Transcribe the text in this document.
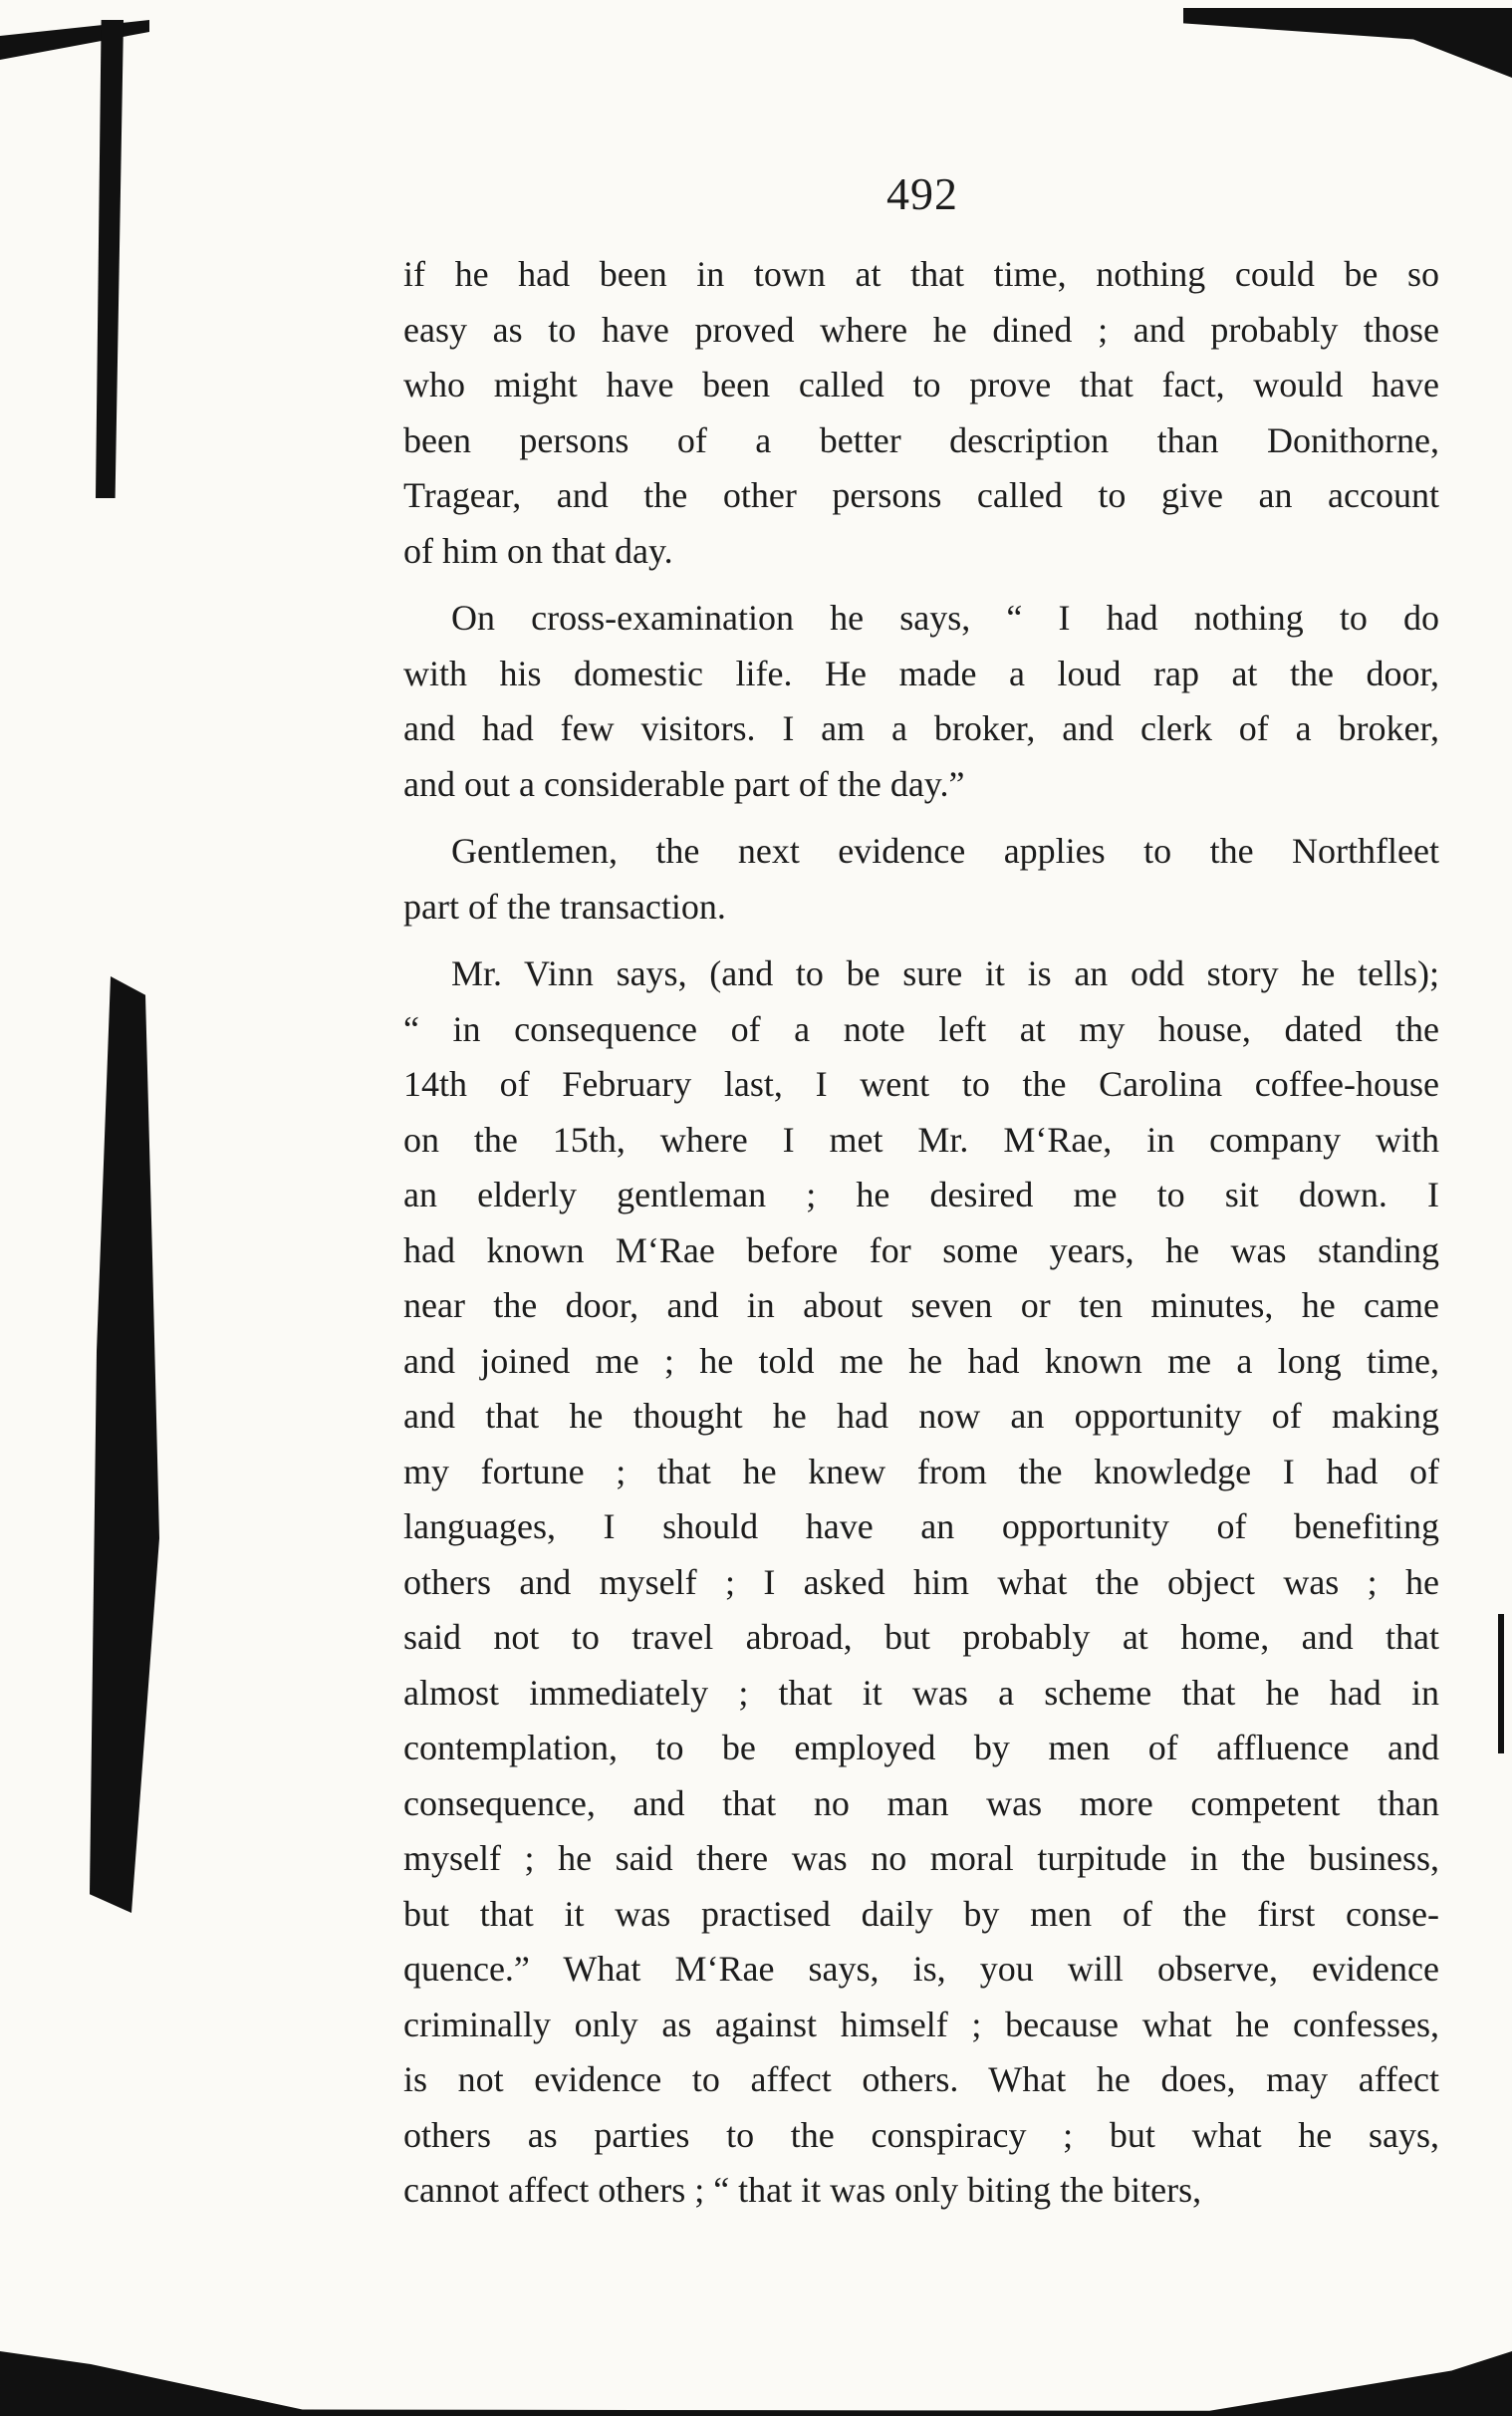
492
if he had been in town at that time, nothing could be so
easy as to have proved where he dined ; and probably those
who might have been called to prove that fact, would have
been persons of a better description than Donithorne,
Tragear, and the other persons called to give an account
of him on that day.
On cross-examination he says, “ I had nothing to do
with his domestic life. He made a loud rap at the door,
and had few visitors. I am a broker, and clerk of a broker,
and out a considerable part of the day.”
Gentlemen, the next evidence applies to the Northfleet
part of the transaction.
Mr. Vinn says, (and to be sure it is an odd story he tells);
“ in consequence of a note left at my house, dated the
14th of February last, I went to the Carolina coffee-house
on the 15th, where I met Mr. M‘Rae, in company with
an elderly gentleman ; he desired me to sit down. I
had known M‘Rae before for some years, he was standing
near the door, and in about seven or ten minutes, he came
and joined me ; he told me he had known me a long time,
and that he thought he had now an opportunity of making
my fortune ; that he knew from the knowledge I had of
languages, I should have an opportunity of benefiting
others and myself ; I asked him what the object was ; he
said not to travel abroad, but probably at home, and that
almost immediately ; that it was a scheme that he had in
contemplation, to be employed by men of affluence and
consequence, and that no man was more competent than
myself ; he said there was no moral turpitude in the business,
but that it was practised daily by men of the first conse-
quence.” What M‘Rae says, is, you will observe, evidence
criminally only as against himself ; because what he confesses,
is not evidence to affect others. What he does, may affect
others as parties to the conspiracy ; but what he says,
cannot affect others ; “ that it was only biting the biters,
